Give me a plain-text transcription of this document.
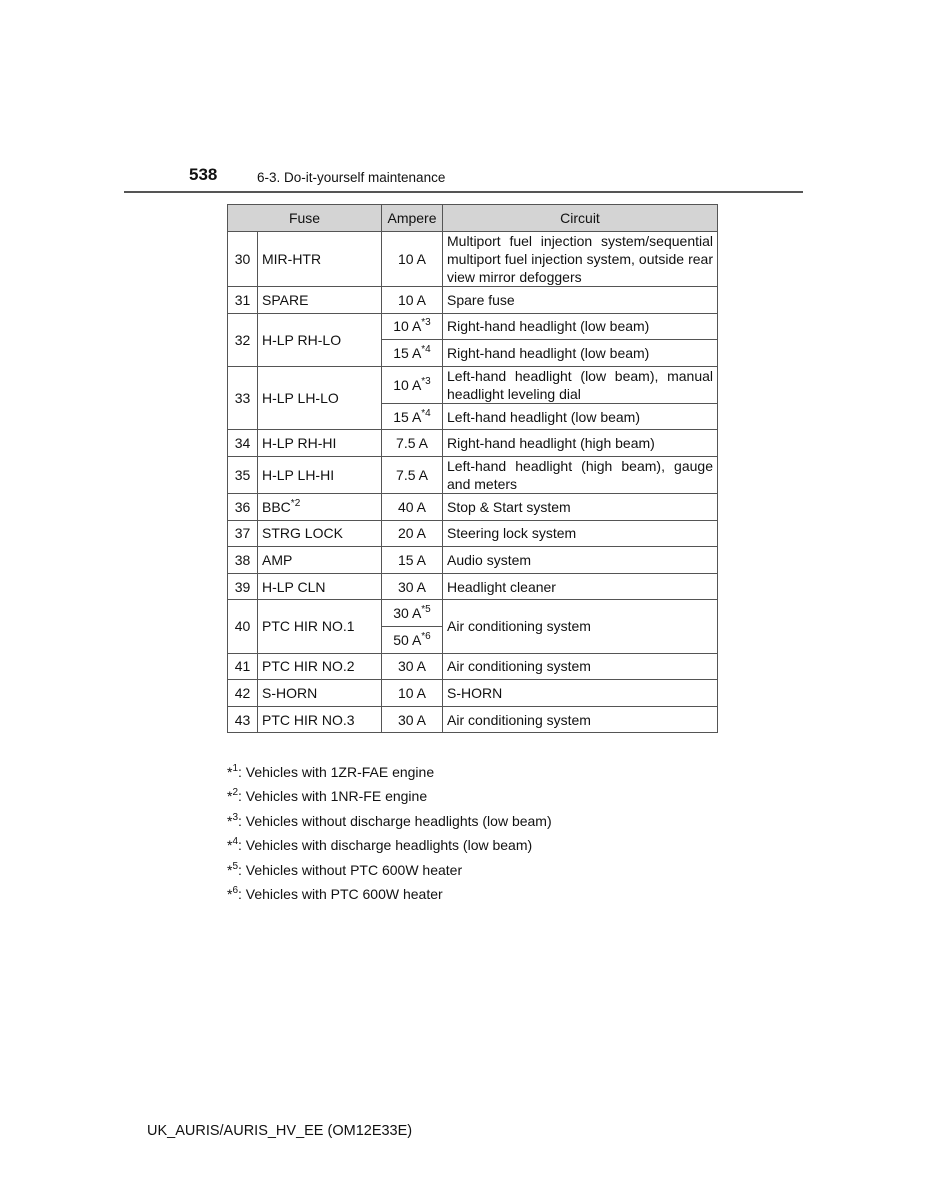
538	6-3. Do-it-yourself maintenance
Fuse		Ampere	Circuit
30	MIR-HTR	10 A	Multiport fuel injection system/sequential multiport fuel injection system, outside rear view mirror defoggers
31	SPARE	10 A	Spare fuse
32	H-LP RH-LO	10 $A^{*3}$	Right-hand headlight (low beam)
		15 $A^{*4}$	Right-hand headlight (low beam)
33	H-LP LH-LO	10 $A^{*3}$	Left-hand headlight (low beam), manual headlight leveling dial
		15 $A^{*4}$	Left-hand headlight (low beam)
34	H-LP RH-HI	7.5 A	Right-hand headlight (high beam)
35	H-LP LH-HI	7.5 A	Left-hand headlight (high beam), gauge and meters
36	BBC$^{*2}$	40 A	Stop & Start system
37	STRG LOCK	20 A	Steering lock system
38	AMP	15 A	Audio system
39	H-LP CLN	30 A	Headlight cleaner
40	PTC HIR NO.1	30 $A^{*5}$	Air conditioning system
		50 $A^{*6}$
41	PTC HIR NO.2	30 A	Air conditioning system
42	S-HORN	10 A	S-HORN
43	PTC HIR NO.3	30 A	Air conditioning system
*$^1$: Vehicles with 1ZR-FAE engine
*$^2$: Vehicles with 1NR-FE engine
*$^3$: Vehicles without discharge headlights (low beam)
*$^4$: Vehicles with discharge headlights (low beam)
*$^5$: Vehicles without PTC 600W heater
*$^6$: Vehicles with PTC 600W heater
UK_AURIS/AURIS_HV_EE (OM12E33E)
